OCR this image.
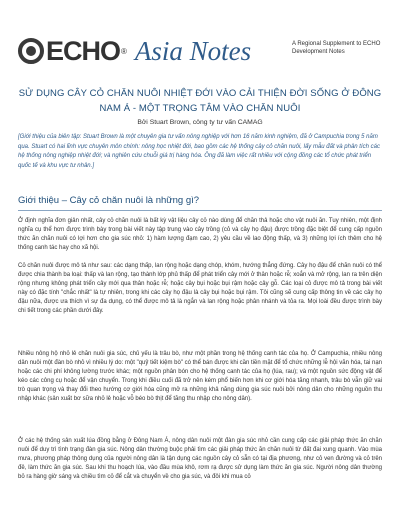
ECHO ® Asia Notes	A Regional Supplement to ECHO Development Notes
SỬ DỤNG CÂY CỎ CHĂN NUÔI NHIỆT ĐỚI VÀO CẢI THIỆN ĐỜI SỐNG Ở ĐÔNG
NAM Á - MỘT TRỌNG TÂM VÀO CHĂN NUÔI
Bởi Stuart Brown, công ty tư vấn CAMAG
[Giới thiệu của biên tập: Stuart Brown là một chuyên gia tư vấn nông nghiệp với hơn 16 năm kinh nghiệm, đã ở Campuchia trong 5 năm qua. Stuart có hai lĩnh vực chuyên môn chính: nông học nhiệt đới, bao gồm các hệ thống cây cỏ chăn nuôi, lấy mẫu đất và phân tích các hệ thống nông nghiệp nhiệt đới; và nghiên cứu chuỗi giá trị hàng hóa. Ông đã làm việc rất nhiều với cộng đồng các tổ chức phát triển quốc tế và khu vực tư nhân.]
Giới thiệu – Cây cỏ chăn nuôi là những gì?
Ở định nghĩa đơn giản nhất, cây cỏ chăn nuôi là bất kỳ vật liệu cây cỏ nào dùng để chăn thả hoặc cho vật nuôi ăn. Tuy nhiên, một định nghĩa cụ thể hơn được trình bày trong bài viết này tập trung vào cây trồng (cỏ và cây họ đậu) được trồng đặc biệt để cung cấp nguồn thức ăn chăn nuôi có lợi hơn cho gia súc nhỏ: 1) hàm lượng đạm cao, 2) yêu cầu về lao động thấp, và 3) những lợi ích thêm cho hệ thống canh tác hay cho xã hội.
Cỏ chăn nuôi được mô tả như sau: các dạng thấp, lan rộng hoặc dạng chóp, khóm, hướng thẳng đứng. Cây họ đậu để chăn nuôi có thể được chia thành ba loại: thấp và lan rộng, tạo thành lớp phủ thấp để phát triển cây mới ở thân hoặc rễ; xoắn và mở rộng, lan ra trên diện rộng nhưng không phát triển cây mới qua thân hoặc rễ; hoặc cây bụi hoặc bụi rậm hoặc cây gỗ. Các loại cỏ được mô tả trong bài viết này có đặc tính "chắc nhất" là tự nhiên, trong khi các cây họ đậu là cây bụi hoặc bụi rậm. Tôi cũng sẽ cung cấp thông tin về các cây họ đậu nữa, được ưa thích vì sự đa dụng, có thể được mô tả là ngắn và lan rộng hoặc phân nhánh và tỏa ra. Mọi loài đều được trình bày chi tiết trong các phần dưới đây.
Nhiều nông hộ nhỏ lẻ chăn nuôi gia súc, chủ yếu là trâu bò, như một phần trong hệ thống canh tác của họ. Ở Campuchia, nhiều nông dân nuôi một đàn bò nhỏ vì nhiều lý do: một "quỹ tiết kiệm bò" có thể bán được khi cần tiền mặt để tổ chức những lễ hội văn hóa, tai nạn hoặc các chi phí không lường trước khác; một nguồn phân bón cho hệ thống canh tác của họ (lúa, rau); và một nguồn sức động vật để kéo các công cụ hoặc để vận chuyển. Trong khi điều cuối đã trở nên kém phổ biến hơn khi cơ giới hóa tăng nhanh, trâu bò vẫn giữ vai trò quan trọng và thay đổi theo hướng cơ giới hóa cũng mở ra những khả năng dùng gia súc nuôi bởi nông dân cho những nguồn thu nhập khác (sản xuất bơ sữa nhỏ lẻ hoặc vỗ béo bò thịt để tăng thu nhập cho nông dân).
Ở các hệ thống sản xuất lúa đồng bằng ở Đông Nam Á, nông dân nuôi một đàn gia súc nhỏ cần cung cấp các giải pháp thức ăn chăn nuôi để duy trì tình trạng đàn gia súc. Nông dân thường buộc phải tìm các giải pháp thức ăn chăn nuôi từ đất đai xung quanh. Vào mùa mưa, phương pháp thông dụng của người nông dân là tận dụng các nguồn cây cỏ sẵn có tại địa phương, như cỏ ven đường và cỏ trên đê, làm thức ăn gia súc. Sau khi thu hoạch lúa, vào đầu mùa khô, rơm rạ được sử dụng làm thức ăn gia súc. Người nông dân thường bỏ ra hàng giờ sáng và chiều tìm cỏ để cắt và chuyển về cho gia súc, và đôi khi mua cỏ
